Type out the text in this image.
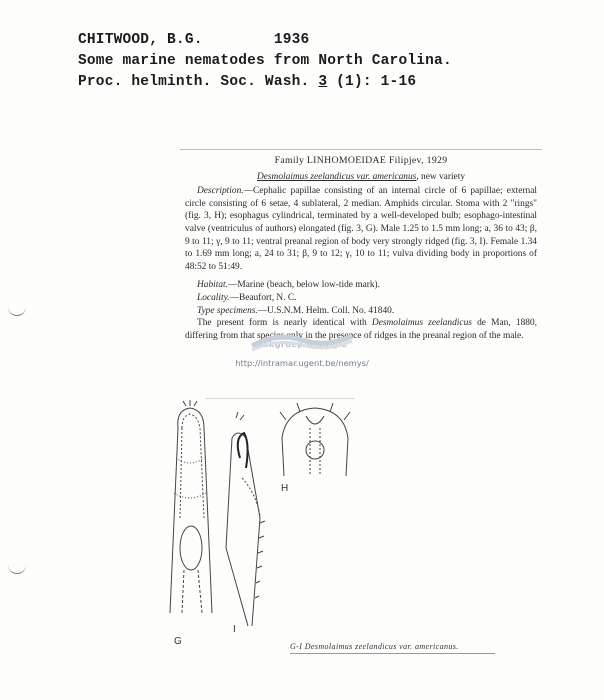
CHITWOOD, B.G.        1936
Some marine nematodes from North Carolina.
Proc. helminth. Soc. Wash. 3 (1): 1-16
Family LINHOMOEIDAE Filipjev, 1929
Desmolaimus zeelandicus var. americanus, new variety

Description.—Cephalic papillae consisting of an internal circle of 6 papillae; external circle consisting of 6 setae, 4 sublateral, 2 median. Amphids circular. Stoma with 2 "rings" (fig. 3, H); esophagus cylindrical, terminated by a well-developed bulb; esophago-intestinal valve (ventriculus of authors) elongated (fig. 3, G). Male 1.25 to 1.5 mm long; a, 36 to 43; β, 9 to 11; γ, 9 to 11; ventral preanal region of body very strongly ridged (fig. 3, I). Female 1.34 to 1.69 mm long; a, 24 to 31; β, 9 to 12; γ, 10 to 11; vulva dividing body in proportions of 48:52 to 51:49.

Habitat.—Marine (beach, below low-tide mark).
Locality.—Beaufort, N. C.
Type specimens.—U.S.N.M. Helm. Coll. No. 41840.

The present form is nearly identical with Desmolaimus zeelandicus de Man, 1880, differing from that species only in the presence of ridges in the preanal region of the male.

Vakgroep Biologie
http://intramar.ugent.be/nemys/
G
H
I
G-I Desmolaimus zeelandicus var. americanus.
